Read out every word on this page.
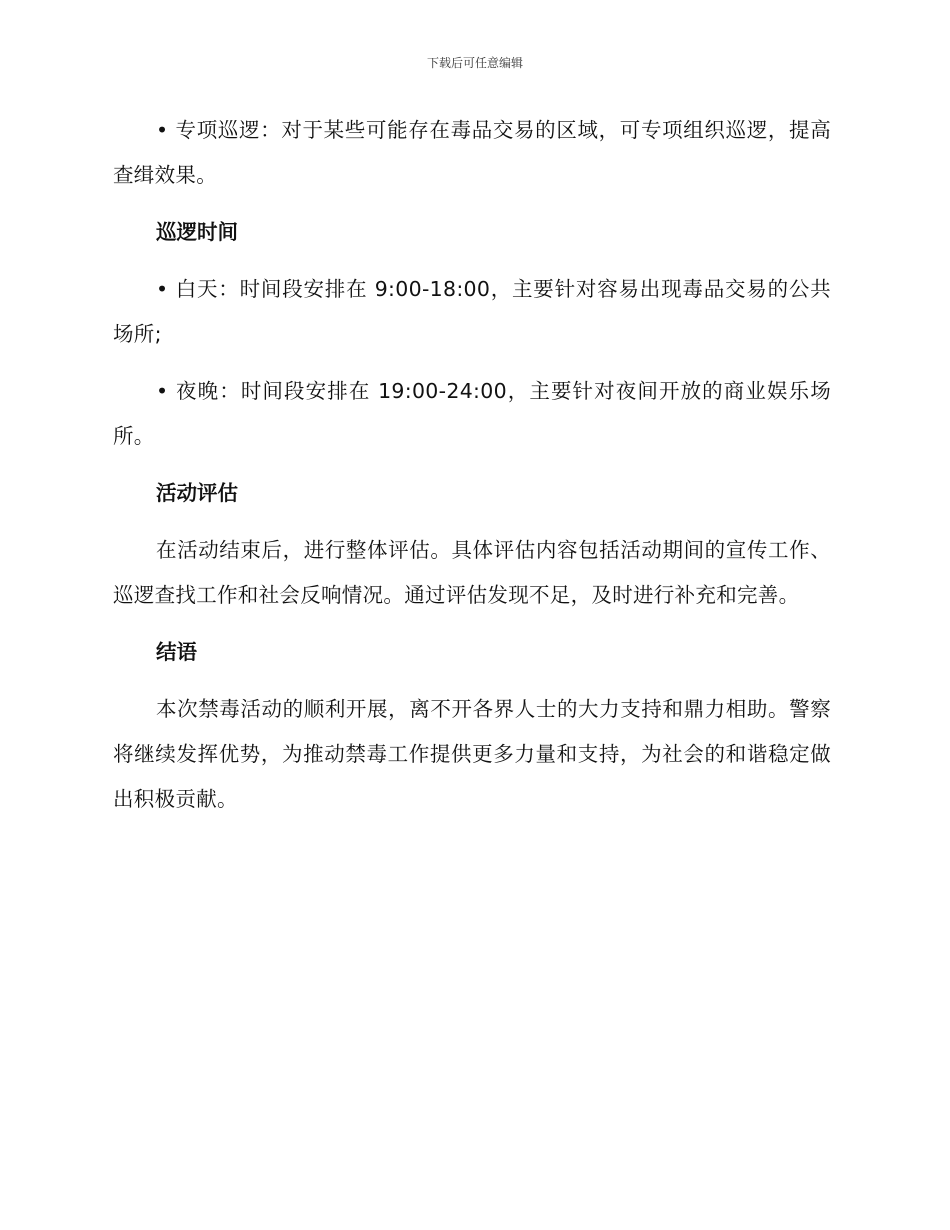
下载后可任意编辑

• 专项巡逻：对于某些可能存在毒品交易的区域，可专项组织巡逻，提高查缉效果。

巡逻时间

• 白天：时间段安排在 9:00-18:00，主要针对容易出现毒品交易的公共场所;

• 夜晚：时间段安排在 19:00-24:00，主要针对夜间开放的商业娱乐场所。

活动评估

在活动结束后，进行整体评估。具体评估内容包括活动期间的宣传工作、巡逻查找工作和社会反响情况。通过评估发现不足，及时进行补充和完善。

结语

本次禁毒活动的顺利开展，离不开各界人士的大力支持和鼎力相助。警察将继续发挥优势，为推动禁毒工作提供更多力量和支持，为社会的和谐稳定做出积极贡献。
